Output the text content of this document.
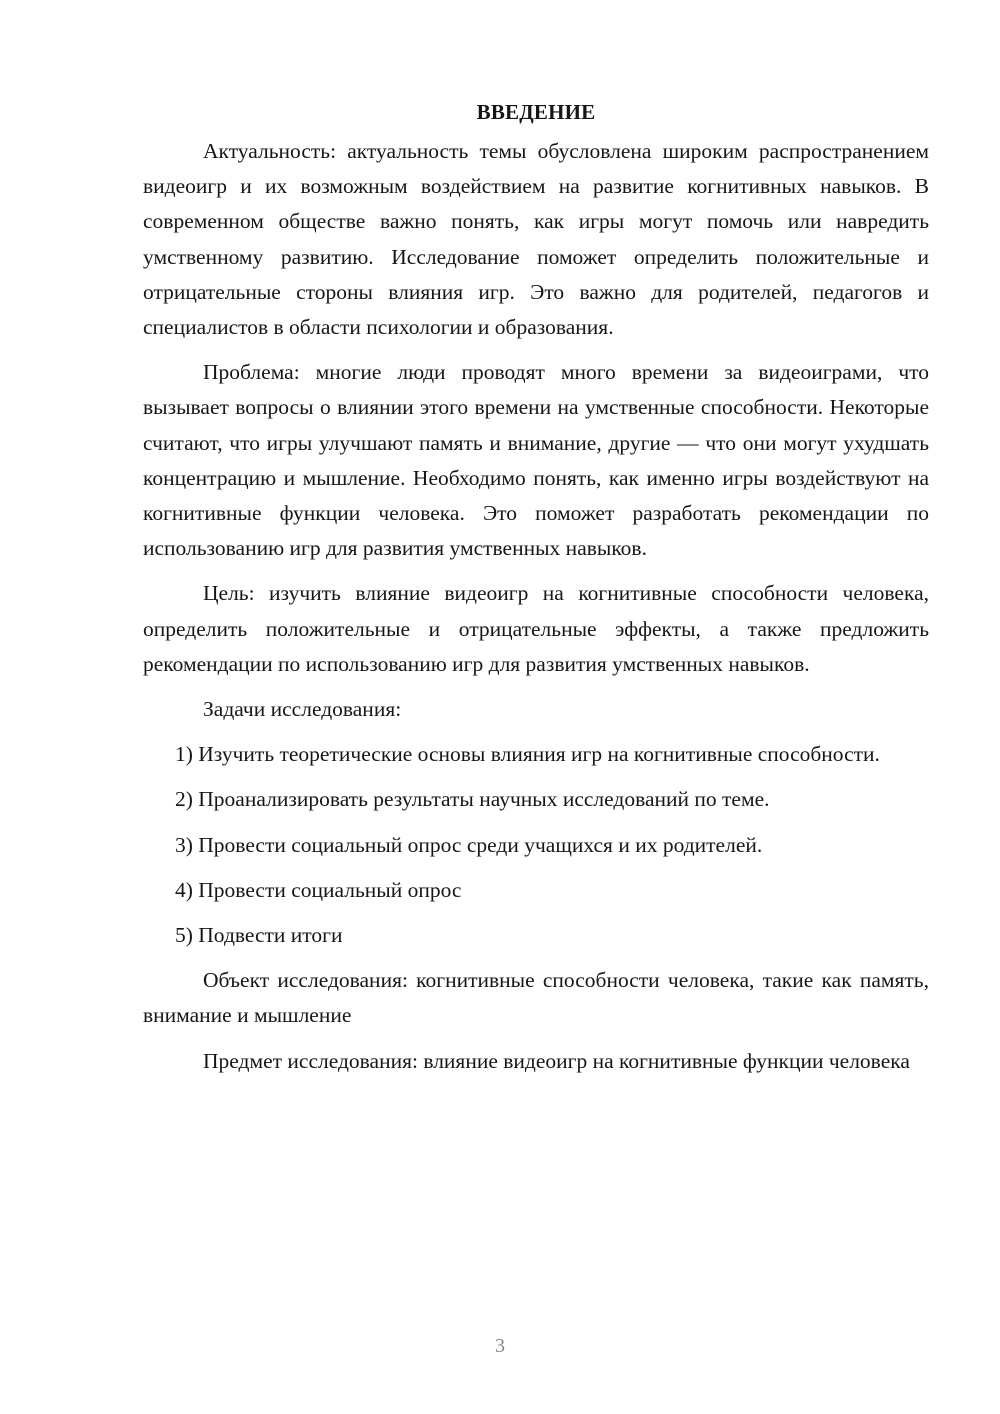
ВВЕДЕНИЕ

Актуальность: актуальность темы обусловлена широким распространением видеоигр и их возможным воздействием на развитие когнитивных навыков. В современном обществе важно понять, как игры могут помочь или навредить умственному развитию. Исследование поможет определить положительные и отрицательные стороны влияния игр. Это важно для родителей, педагогов и специалистов в области психологии и образования.

Проблема: многие люди проводят много времени за видеоиграми, что вызывает вопросы о влиянии этого времени на умственные способности. Некоторые считают, что игры улучшают память и внимание, другие — что они могут ухудшать концентрацию и мышление. Необходимо понять, как именно игры воздействуют на когнитивные функции человека. Это поможет разработать рекомендации по использованию игр для развития умственных навыков.

Цель: изучить влияние видеоигр на когнитивные способности человека, определить положительные и отрицательные эффекты, а также предложить рекомендации по использованию игр для развития умственных навыков.

Задачи исследования:

1) Изучить теоретические основы влияния игр на когнитивные способности.

2) Проанализировать результаты научных исследований по теме.

3) Провести социальный опрос среди учащихся и их родителей.

4) Провести социальный опрос

5) Подвести итоги

Объект исследования: когнитивные способности человека, такие как память, внимание и мышление

Предмет исследования: влияние видеоигр на когнитивные функции человека

3
